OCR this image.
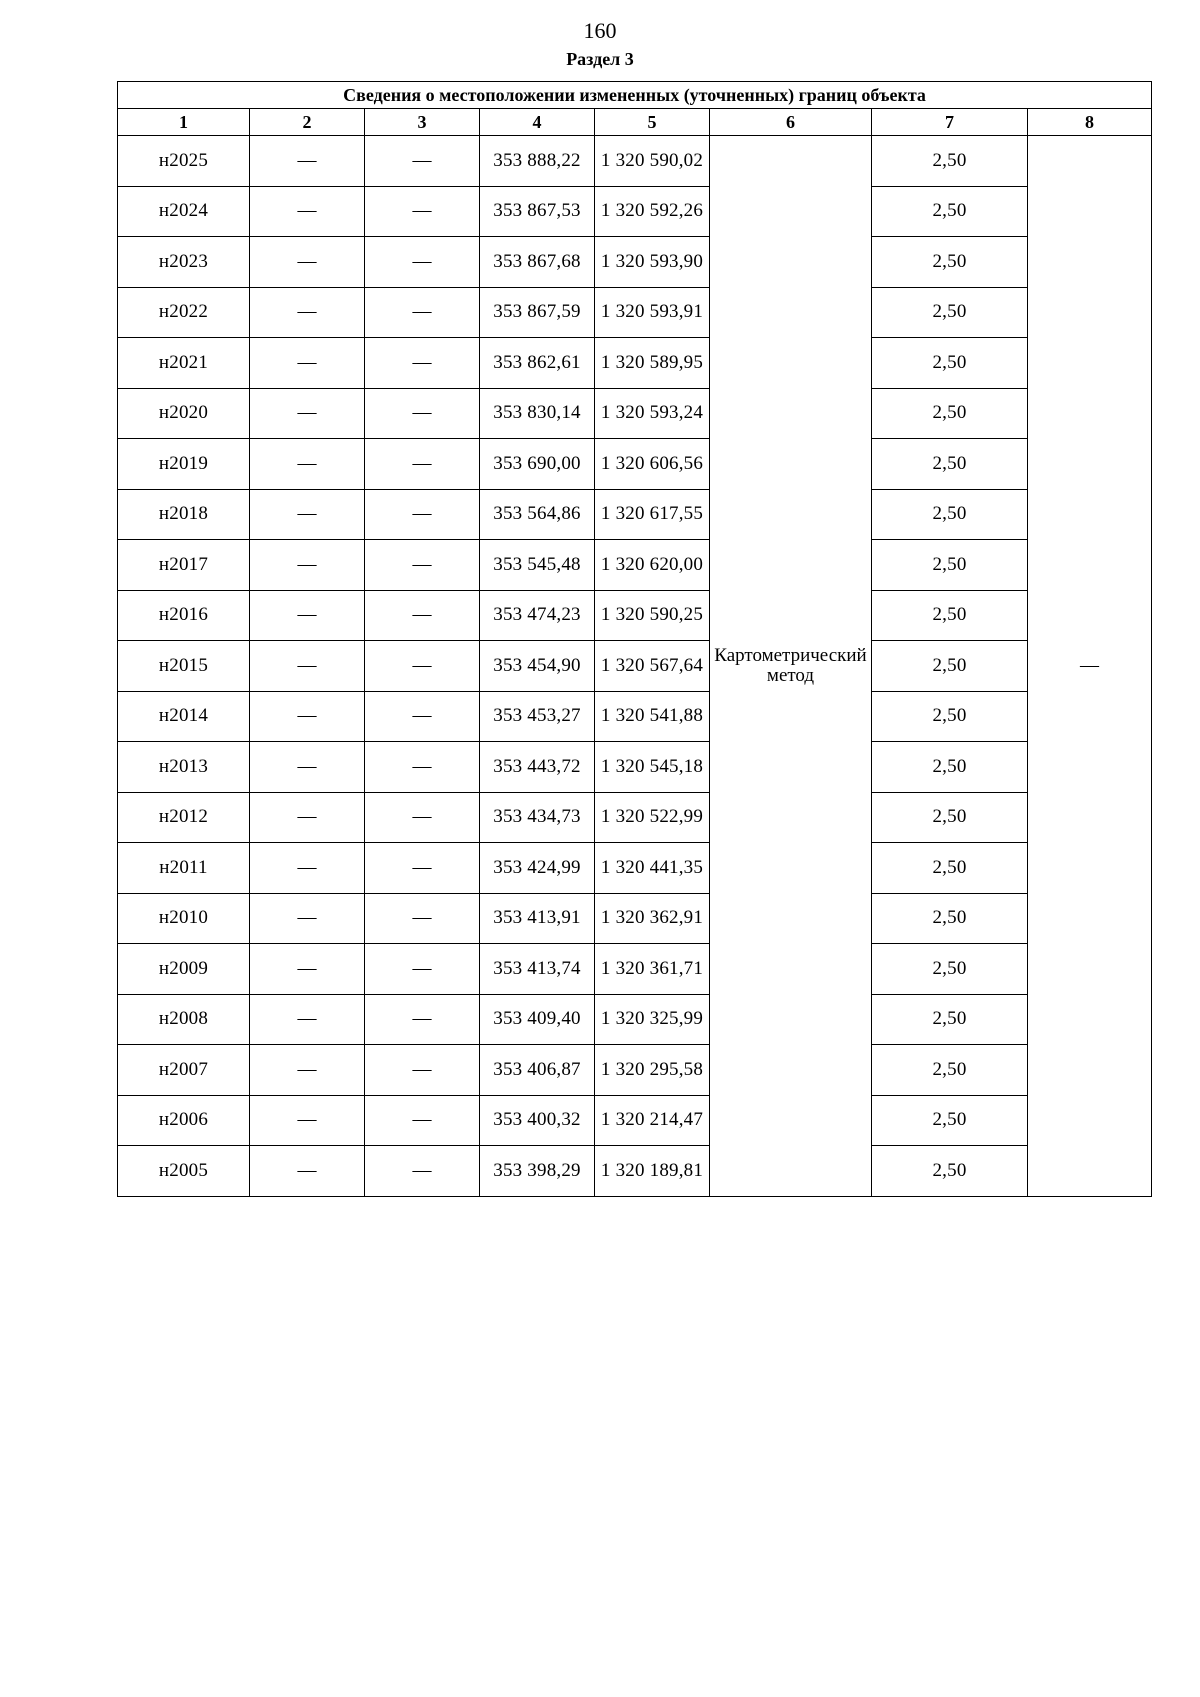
160
Раздел 3
Сведения о местоположении измененных (уточненных) границ объекта							
1	2	3	4	5	6	7	8
н2025	—	—	353 888,22	1 320 590,02	Картометрический метод	2,50	—
н2024	—	—	353 867,53	1 320 592,26		2,50	
н2023	—	—	353 867,68	1 320 593,90		2,50	
н2022	—	—	353 867,59	1 320 593,91		2,50	
н2021	—	—	353 862,61	1 320 589,95		2,50	
н2020	—	—	353 830,14	1 320 593,24		2,50	
н2019	—	—	353 690,00	1 320 606,56		2,50	
н2018	—	—	353 564,86	1 320 617,55		2,50	
н2017	—	—	353 545,48	1 320 620,00		2,50	
н2016	—	—	353 474,23	1 320 590,25		2,50	
н2015	—	—	353 454,90	1 320 567,64		2,50	
н2014	—	—	353 453,27	1 320 541,88		2,50	
н2013	—	—	353 443,72	1 320 545,18		2,50	
н2012	—	—	353 434,73	1 320 522,99		2,50	
н2011	—	—	353 424,99	1 320 441,35		2,50	
н2010	—	—	353 413,91	1 320 362,91		2,50	
н2009	—	—	353 413,74	1 320 361,71		2,50	
н2008	—	—	353 409,40	1 320 325,99		2,50	
н2007	—	—	353 406,87	1 320 295,58		2,50	
н2006	—	—	353 400,32	1 320 214,47		2,50	
н2005	—	—	353 398,29	1 320 189,81		2,50	
